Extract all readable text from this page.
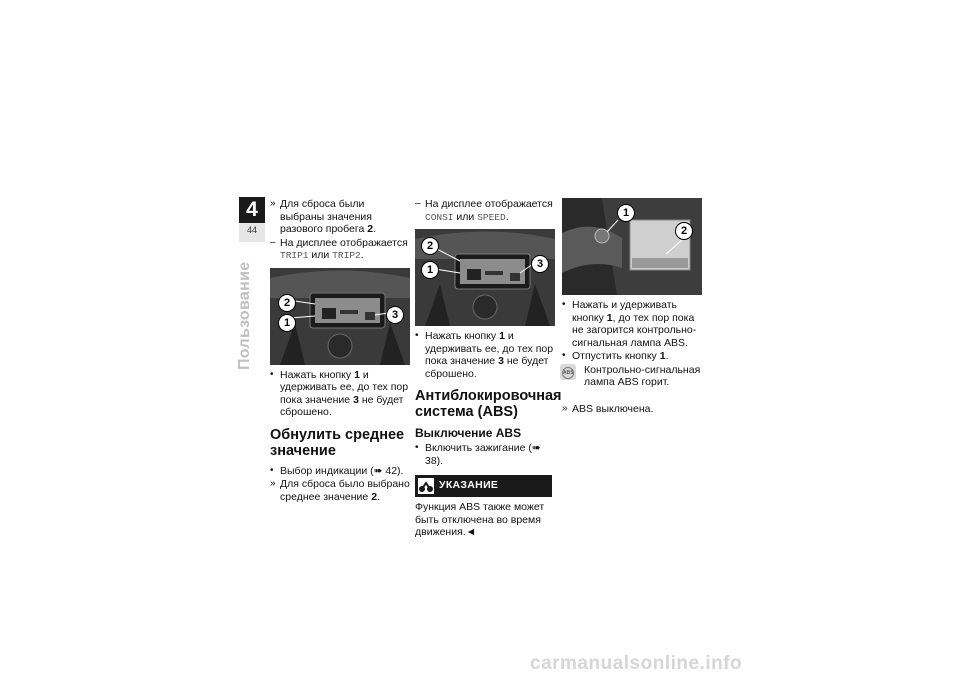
4
44
Пользование
» Для сброса были выбраны значения разового пробега 2.
– На дисплее отображается
TRIP1 или TRIP2.
2
1
3
• Нажать кнопку 1 и удерживать ее, до тех пор пока значение 3 не будет сброшено.
Обнулить среднее значение
• Выбор индикации (➠ 42).
» Для сброса было выбрано среднее значение 2.
– На дисплее отображается
CONSI или SPEED.
2
1	3
• Нажать кнопку 1 и удерживать ее, до тех пор пока значение 3 не будет сброшено.
Антиблокировочная система (ABS)
Выключение ABS
• Включить зажигание (➠ 38).
УКАЗАНИЕ
Функция ABS также может быть отключена во время движения.◄
1
2
• Нажать и удерживать кнопку 1, до тех пор пока не загорится контрольно-сигнальная лампа ABS.
• Отпустить кнопку 1.
ABS Контрольно-сигнальная лампа ABS горит.
» ABS выключена.
carmanualsonline.info
